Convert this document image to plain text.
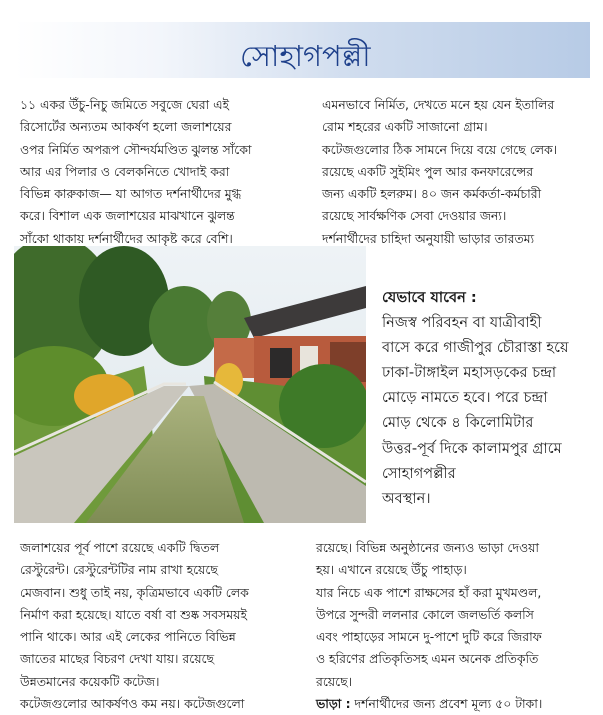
সোহাগপল্লী

১১ একর উঁচু-নিচু জমিতে সবুজে ঘেরা এই

রিসোর্টের অন্যতম আকর্ষণ হলো জলাশয়ের

ওপর নির্মিত অপরূপ সৌন্দর্যমণ্ডিত ঝুলন্ত সাঁকো

আর এর পিলার ও বেলকনিতে খোদাই করা

বিভিন্ন কারুকাজ— যা আগত দর্শনার্থীদের মুগ্ধ

করে। বিশাল এক জলাশয়ের মাঝখানে ঝুলন্ত

সাঁকো থাকায় দর্শনার্থীদের আকৃষ্ট করে বেশি।

এমনভাবে নির্মিত, দেখতে মনে হয় যেন ইতালির

রোম শহরের একটি সাজানো গ্রাম।

কটেজগুলোর ঠিক সামনে দিয়ে বয়ে গেছে লেক।

রয়েছে একটি সুইমিং পুল আর কনফারেন্সের

জন্য একটি হলরুম। ৪০ জন কর্মকর্তা-কর্মচারী

রয়েছে সার্বক্ষণিক সেবা দেওয়ার জন্য।

দর্শনার্থীদের চাহিদা অনুযায়ী ভাড়ার তারতম্য

যেভাবে যাবেন :

নিজস্ব পরিবহন বা যাত্রীবাহী

বাসে করে গাজীপুর চৌরাস্তা হয়ে

ঢাকা-টাঙ্গাইল মহাসড়কের চন্দ্রা

মোড়ে নামতে হবে। পরে চন্দ্রা

মোড় থেকে ৪ কিলোমিটার

উত্তর-পূর্ব দিকে কালামপুর গ্রামে

সোহাগপল্লীর

অবস্থান।

জলাশয়ের পূর্ব পাশে রয়েছে একটি দ্বিতল

রেস্টুরেন্ট। রেস্টুরেন্টটির নাম রাখা হয়েছে

মেজবান। শুধু তাই নয়, কৃত্রিমভাবে একটি লেক

নির্মাণ করা হয়েছে। যাতে বর্ষা বা শুষ্ক সবসময়ই

পানি থাকে। আর এই লেকের পানিতে বিভিন্ন

জাতের মাছের বিচরণ দেখা যায়। রয়েছে

উন্নতমানের কয়েকটি কটেজ।

কটেজগুলোর আকর্ষণও কম নয়। কটেজগুলো

রয়েছে। বিভিন্ন অনুষ্ঠানের জন্যও ভাড়া দেওয়া

হয়। এখানে রয়েছে উঁচু পাহাড়।

যার নিচে এক পাশে রাক্ষসের হাঁ করা মুখমণ্ডল,

উপরে সুন্দরী ললনার কোলে জলভর্তি কলসি

এবং পাহাড়ের সামনে দু-পাশে দুটি করে জিরাফ

ও হরিণের প্রতিকৃতিসহ এমন অনেক প্রতিকৃতি

রয়েছে।

ভাড়া : দর্শনার্থীদের জন্য প্রবেশ মূল্য ৫০ টাকা।
